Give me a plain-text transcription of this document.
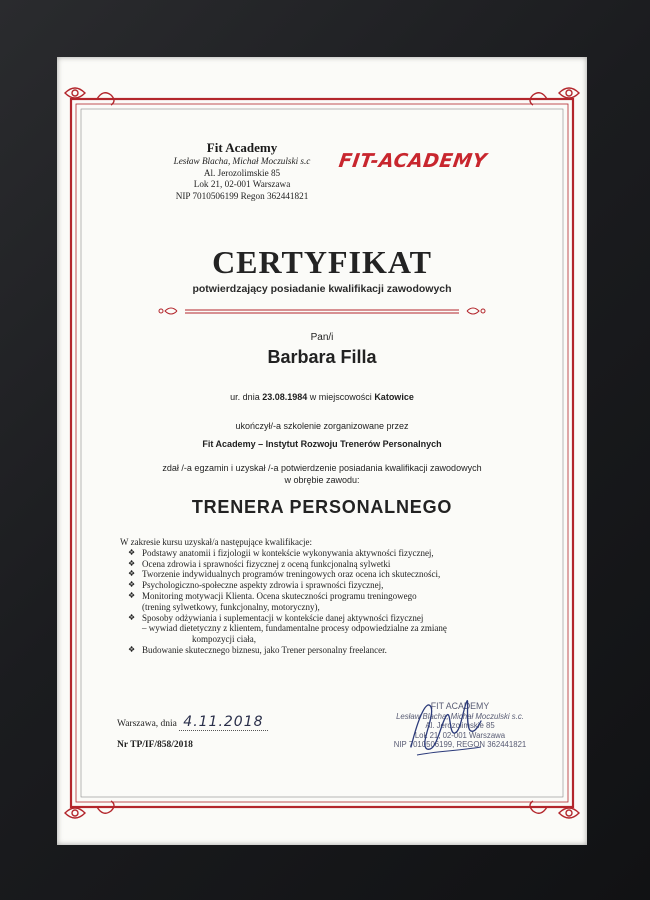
Fit Academy
Lesław Blacha, Michał Moczulski s.c
Al. Jerozolimskie 85
Lok 21, 02-001 Warszawa
NIP 7010506199 Regon 362441821
FIT-ACADEMY
CERTYFIKAT
potwierdzający posiadanie kwalifikacji zawodowych
Pan/i
Barbara Filla
ur. dnia 23.08.1984 w miejscowości Katowice
ukończył/-a szkolenie zorganizowane przez
Fit Academy – Instytut Rozwoju Trenerów Personalnych
zdał /-a egzamin i uzyskał /-a potwierdzenie posiadania kwalifikacji zawodowych
w obrębie zawodu:
TRENERA PERSONALNEGO
W zakresie kursu uzyskał/a następujące kwalifikacje:
❖ Podstawy anatomii i fizjologii w kontekście wykonywania aktywności fizycznej,
❖ Ocena zdrowia i sprawności fizycznej z oceną funkcjonalną sylwetki
❖ Tworzenie indywidualnych programów treningowych oraz ocena ich skuteczności,
❖ Psychologiczno-społeczne aspekty zdrowia i sprawności fizycznej,
❖ Monitoring motywacji Klienta. Ocena skuteczności programu treningowego
(trening sylwetkowy, funkcjonalny, motoryczny),
❖ Sposoby odżywiania i suplementacji w kontekście danej aktywności fizycznej
– wywiad dietetyczny z klientem, fundamentalne procesy odpowiedzialne za zmianę
kompozycji ciała,
❖ Budowanie skutecznego biznesu, jako Trener personalny freelancer.
Warszawa, dnia 4.11.2018
Nr TP/IF/858/2018
FIT ACADEMY
Lesław Blacha, Michał Moczulski s.c.
Al. Jerozolimskie 85
Lok 21, 02-001 Warszawa
NIP 7010506199, REGON 362441821
